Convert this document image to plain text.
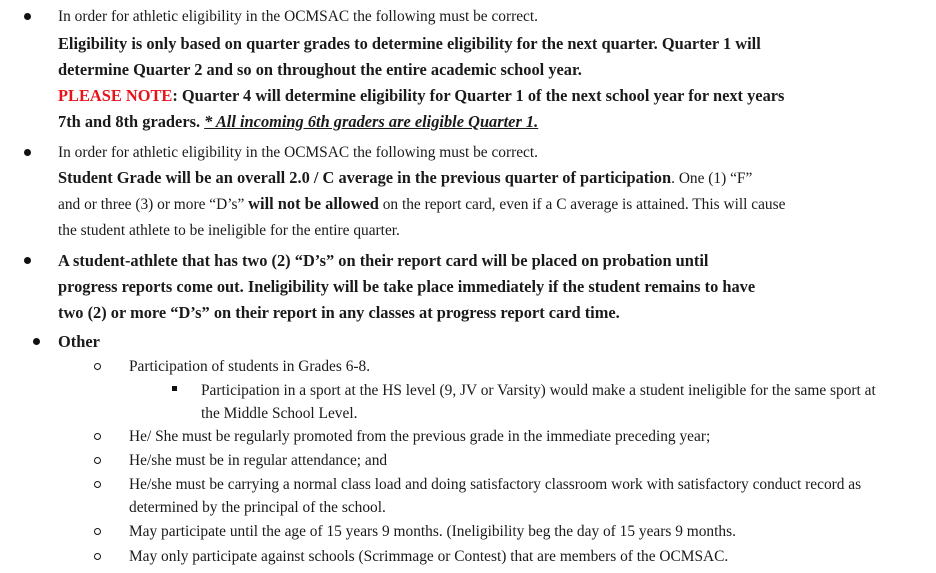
In order for athletic eligibility in the OCMSAC the following must be correct.
Eligibility is only based on quarter grades to determine eligibility for the next quarter. Quarter 1 will
determine Quarter 2 and so on throughout the entire academic school year.
PLEASE NOTE: Quarter 4 will determine eligibility for Quarter 1 of the next school year for next years
7th and 8th graders. * All incoming 6th graders are eligible Quarter 1.
In order for athletic eligibility in the OCMSAC the following must be correct.
Student Grade will be an overall 2.0 / C average in the previous quarter of participation. One (1) “F”
and or three (3) or more “D’s” will not be allowed on the report card, even if a C average is attained. This will cause
the student athlete to be ineligible for the entire quarter.
A student-athlete that has two (2) “D’s” on their report card will be placed on probation until
progress reports come out. Ineligibility will be take place immediately if the student remains to have
two (2) or more “D’s” on their report in any classes at progress report card time.
Other
Participation of students in Grades 6-8.
Participation in a sport at the HS level (9, JV or Varsity) would make a student ineligible for the same sport at
the Middle School Level.
He/ She must be regularly promoted from the previous grade in the immediate preceding year;
He/she must be in regular attendance; and
He/she must be carrying a normal class load and doing satisfactory classroom work with satisfactory conduct record as
determined by the principal of the school.
May participate until the age of 15 years 9 months. (Ineligibility beg the day of 15 years 9 months.
May only participate against schools (Scrimmage or Contest) that are members of the OCMSAC.
